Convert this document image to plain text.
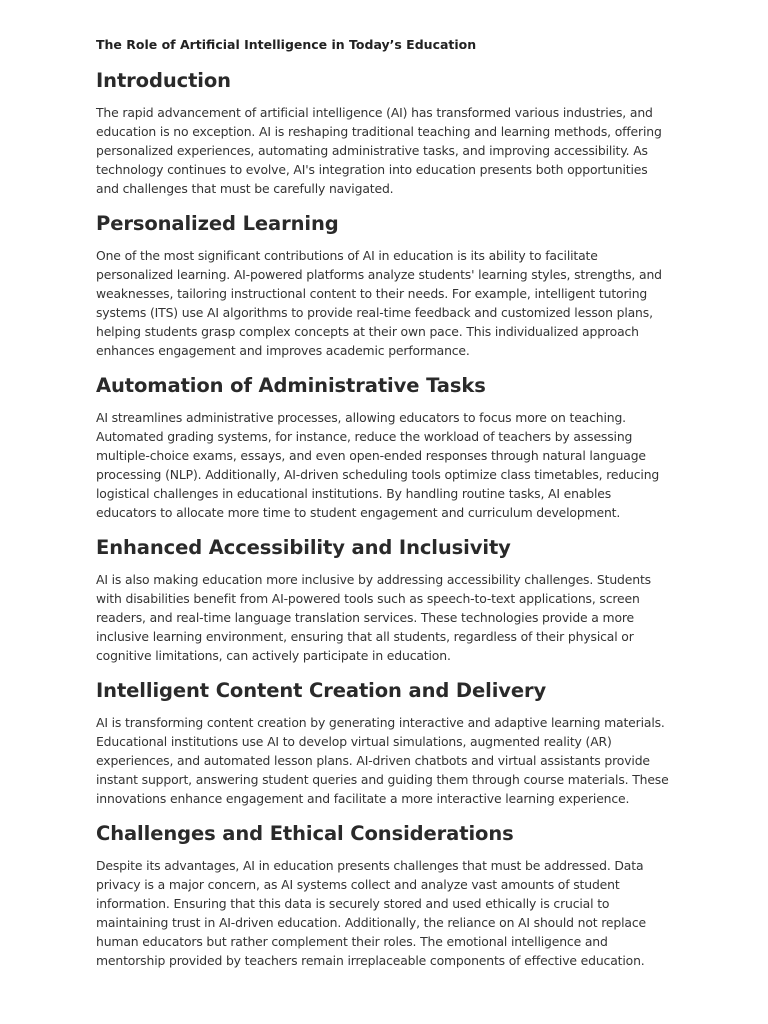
The Role of Artificial Intelligence in Today’s Education
Introduction

The rapid advancement of artificial intelligence (AI) has transformed various industries, and education is no exception. AI is reshaping traditional teaching and learning methods, offering personalized experiences, automating administrative tasks, and improving accessibility. As technology continues to evolve, AI's integration into education presents both opportunities and challenges that must be carefully navigated.

Personalized Learning

One of the most significant contributions of AI in education is its ability to facilitate personalized learning. AI-powered platforms analyze students' learning styles, strengths, and weaknesses, tailoring instructional content to their needs. For example, intelligent tutoring systems (ITS) use AI algorithms to provide real-time feedback and customized lesson plans, helping students grasp complex concepts at their own pace. This individualized approach enhances engagement and improves academic performance.

Automation of Administrative Tasks

AI streamlines administrative processes, allowing educators to focus more on teaching. Automated grading systems, for instance, reduce the workload of teachers by assessing multiple-choice exams, essays, and even open-ended responses through natural language processing (NLP). Additionally, AI-driven scheduling tools optimize class timetables, reducing logistical challenges in educational institutions. By handling routine tasks, AI enables educators to allocate more time to student engagement and curriculum development.

Enhanced Accessibility and Inclusivity

AI is also making education more inclusive by addressing accessibility challenges. Students with disabilities benefit from AI-powered tools such as speech-to-text applications, screen readers, and real-time language translation services. These technologies provide a more inclusive learning environment, ensuring that all students, regardless of their physical or cognitive limitations, can actively participate in education.

Intelligent Content Creation and Delivery

AI is transforming content creation by generating interactive and adaptive learning materials. Educational institutions use AI to develop virtual simulations, augmented reality (AR) experiences, and automated lesson plans. AI-driven chatbots and virtual assistants provide instant support, answering student queries and guiding them through course materials. These innovations enhance engagement and facilitate a more interactive learning experience.

Challenges and Ethical Considerations

Despite its advantages, AI in education presents challenges that must be addressed. Data privacy is a major concern, as AI systems collect and analyze vast amounts of student information. Ensuring that this data is securely stored and used ethically is crucial to maintaining trust in AI-driven education. Additionally, the reliance on AI should not replace human educators but rather complement their roles. The emotional intelligence and mentorship provided by teachers remain irreplaceable components of effective education.
